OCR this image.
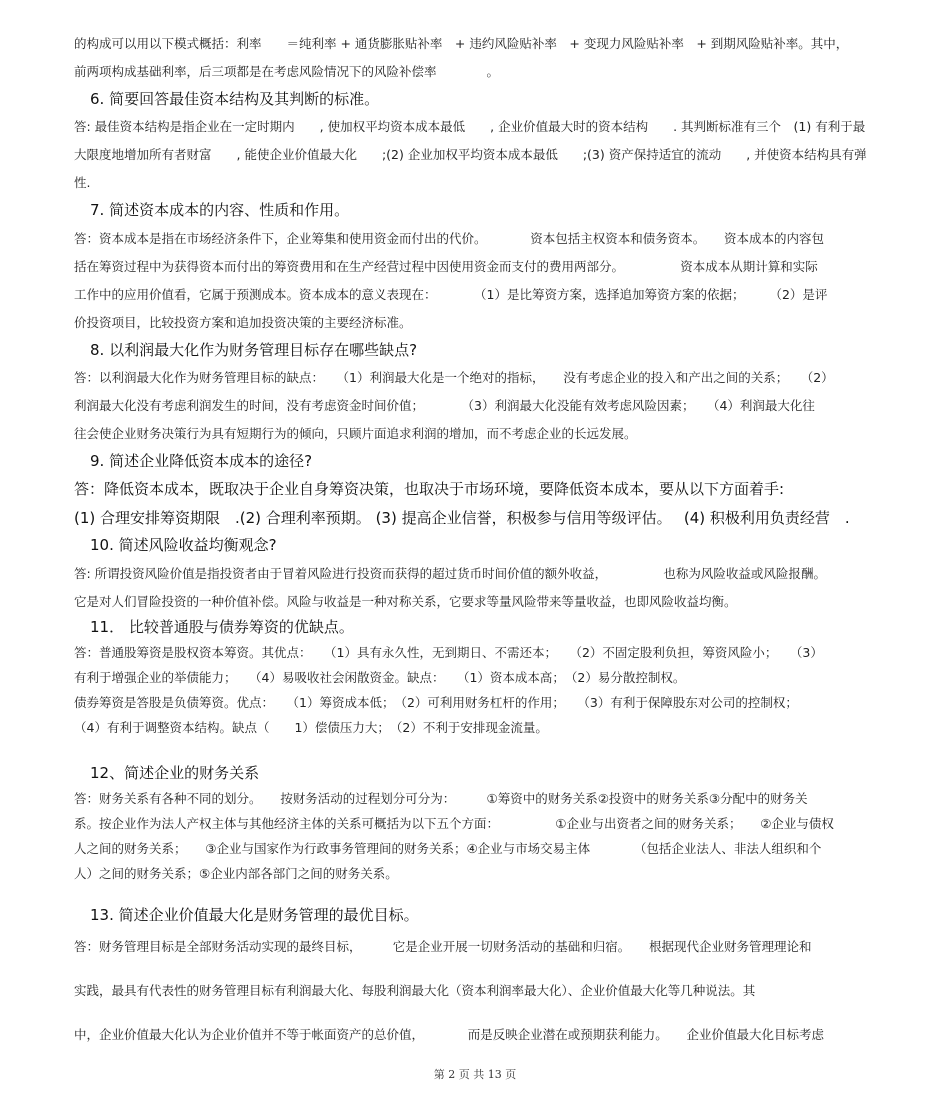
的构成可以用以下模式概括：利率　　＝纯利率 + 通货膨胀贴补率　+ 违约风险贴补率　+ 变现力风险贴补率　+ 到期风险贴补率。其中，
前两项构成基础利率，后三项都是在考虑风险情况下的风险补偿率　　　　。
6. 简要回答最佳资本结构及其判断的标准。
答: 最佳资本结构是指企业在一定时期内　　, 使加权平均资本成本最低　　, 企业价值最大时的资本结构　　. 其判断标准有三个　(1) 有利于最
大限度地增加所有者财富　　, 能使企业价值最大化　　;(2) 企业加权平均资本成本最低　　;(3) 资产保持适宜的流动　　, 并使资本结构具有弹
性.
7. 简述资本成本的内容、性质和作用。
答：资本成本是指在市场经济条件下，企业筹集和使用资金而付出的代价。　　　　资本包括主权资本和债务资本。　　资本成本的内容包
括在筹资过程中为获得资本而付出的筹资费用和在生产经营过程中因使用资金而支付的费用两部分。　　　　　资本成本从期计算和实际
工作中的应用价值看，它属于预测成本。资本成本的意义表现在：　　　　（1）是比筹资方案，选择追加筹资方案的依据；　　　（2）是评
价投资项目，比较投资方案和追加投资决策的主要经济标准。
8. 以利润最大化作为财务管理目标存在哪些缺点?
答：以利润最大化作为财务管理目标的缺点：　　（1）利润最大化是一个绝对的指标，　　没有考虑企业的投入和产出之间的关系；　　（2）
利润最大化没有考虑利润发生的时间，没有考虑资金时间价值；　　　　（3）利润最大化没能有效考虑风险因素；　　（4）利润最大化往
往会使企业财务决策行为具有短期行为的倾向，只顾片面追求利润的增加，而不考虑企业的长远发展。
9. 简述企业降低资本成本的途径?
答：降低资本成本，既取决于企业自身筹资决策，也取决于市场环境，要降低资本成本，要从以下方面着手:
(1) 合理安排筹资期限　.(2) 合理利率预期。 (3) 提高企业信誉，积极参与信用等级评估。　 (4) 积极利用负责经营　.
10. 简述风险收益均衡观念?
答: 所谓投资风险价值是指投资者由于冒着风险进行投资而获得的超过货币时间价值的额外收益，　　　　　也称为风险收益或风险报酬。
它是对人们冒险投资的一种价值补偿。风险与收益是一种对称关系，它要求等量风险带来等量收益，也即风险收益均衡。
11． 比较普通股与债券筹资的优缺点。
答：普通股筹资是股权资本筹资。其优点：　　（1）具有永久性，无到期日、不需还本；　　（2）不固定股利负担，筹资风险小；　　（3）
有利于增强企业的举债能力；　　（4）易吸收社会闲散资金。缺点：　　（1）资本成本高；　（2）易分散控制权。
债券筹资是答股是负债筹资。优点：　　（1）筹资成本低；　（2）可利用财务杠杆的作用；　　（3）有利于保障股东对公司的控制权；
（4）有利于调整资本结构。缺点（　　1）偿债压力大；　（2）不利于安排现金流量。
12、简述企业的财务关系
答：财务关系有各种不同的划分。　　按财务活动的过程划分可分为：　　　①筹资中的财务关系②投资中的财务关系③分配中的财务关
系。按企业作为法人产权主体与其他经济主体的关系可概括为以下五个方面：　　　　　①企业与出资者之间的财务关系；　　②企业与债权
人之间的财务关系；　　③企业与国家作为行政事务管理间的财务关系；④企业与市场交易主体　　　　（包括企业法人、非法人组织和个
人）之间的财务关系；⑤企业内部各部门之间的财务关系。
13. 简述企业价值最大化是财务管理的最优目标。
答：财务管理目标是全部财务活动实现的最终目标，　　　它是企业开展一切财务活动的基础和归宿。　　根据现代企业财务管理理论和
实践，最具有代表性的财务管理目标有利润最大化、每股利润最大化（资本利润率最大化）、企业价值最大化等几种说法。其
中，企业价值最大化认为企业价值并不等于帐面资产的总价值，　　　　而是反映企业潜在或预期获利能力。　　企业价值最大化目标考虑
第 2 页 共 13 页
